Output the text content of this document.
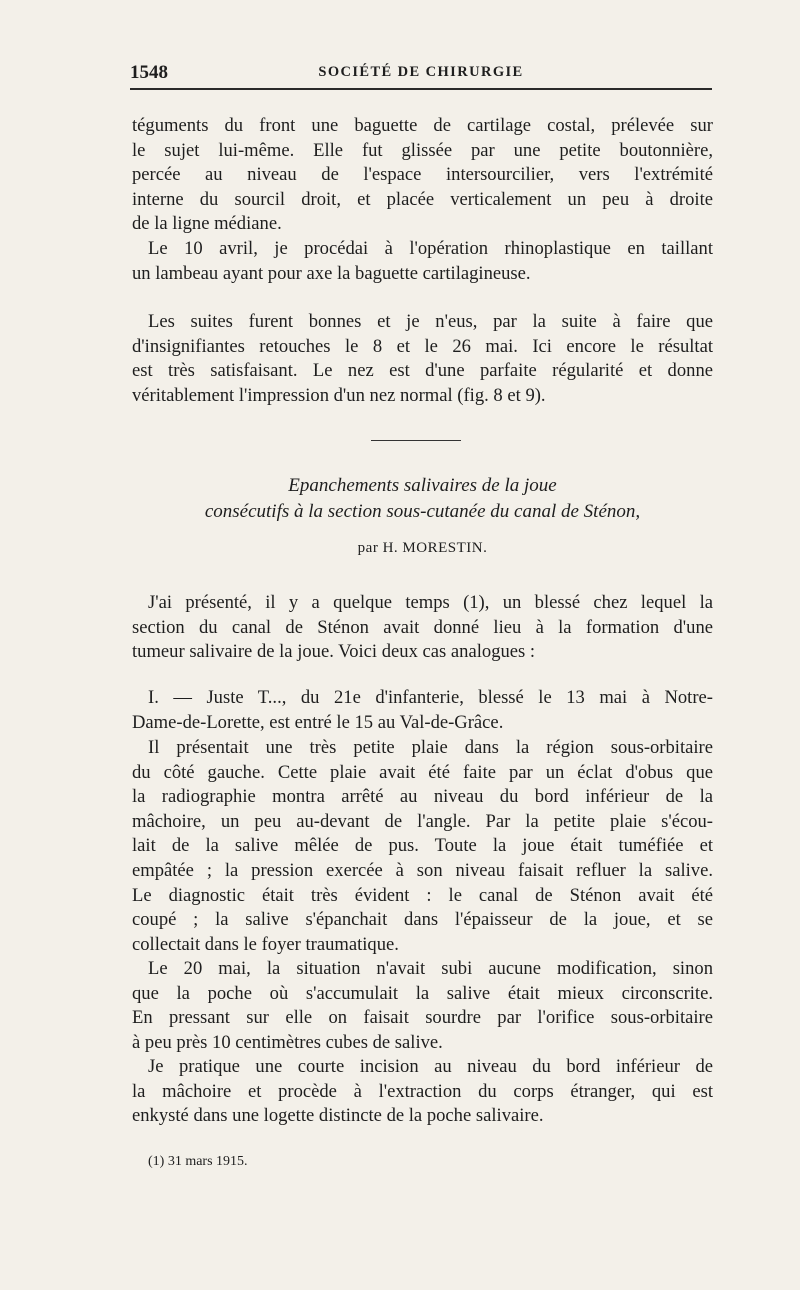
1548	SOCIÉTÉ DE CHIRURGIE
téguments du front une baguette de cartilage costal, prélevée sur
le sujet lui-même. Elle fut glissée par une petite boutonnière,
percée au niveau de l'espace intersourcilier, vers l'extrémité
interne du sourcil droit, et placée verticalement un peu à droite
de la ligne médiane.
Le 10 avril, je procédai à l'opération rhinoplastique en taillant
un lambeau ayant pour axe la baguette cartilagineuse.
Les suites furent bonnes et je n'eus, par la suite à faire que
d'insignifiantes retouches le 8 et le 26 mai. Ici encore le résultat
est très satisfaisant. Le nez est d'une parfaite régularité et donne
véritablement l'impression d'un nez normal (fig. 8 et 9).
Epanchements salivaires de la joue
consécutifs à la section sous-cutanée du canal de Sténon,
par H. MORESTIN.
J'ai présenté, il y a quelque temps (1), un blessé chez lequel la
section du canal de Sténon avait donné lieu à la formation d'une
tumeur salivaire de la joue. Voici deux cas analogues :
I. — Juste T..., du 21e d'infanterie, blessé le 13 mai à Notre-
Dame-de-Lorette, est entré le 15 au Val-de-Grâce.
Il présentait une très petite plaie dans la région sous-orbitaire
du côté gauche. Cette plaie avait été faite par un éclat d'obus que
la radiographie montra arrêté au niveau du bord inférieur de la
mâchoire, un peu au-devant de l'angle. Par la petite plaie s'écou-
lait de la salive mêlée de pus. Toute la joue était tuméfiée et
empâtée ; la pression exercée à son niveau faisait refluer la salive.
Le diagnostic était très évident : le canal de Sténon avait été
coupé ; la salive s'épanchait dans l'épaisseur de la joue, et se
collectait dans le foyer traumatique.
Le 20 mai, la situation n'avait subi aucune modification, sinon
que la poche où s'accumulait la salive était mieux circonscrite.
En pressant sur elle on faisait sourdre par l'orifice sous-orbitaire
à peu près 10 centimètres cubes de salive.
Je pratique une courte incision au niveau du bord inférieur de
la mâchoire et procède à l'extraction du corps étranger, qui est
enkysté dans une logette distincte de la poche salivaire.
(1) 31 mars 1915.
